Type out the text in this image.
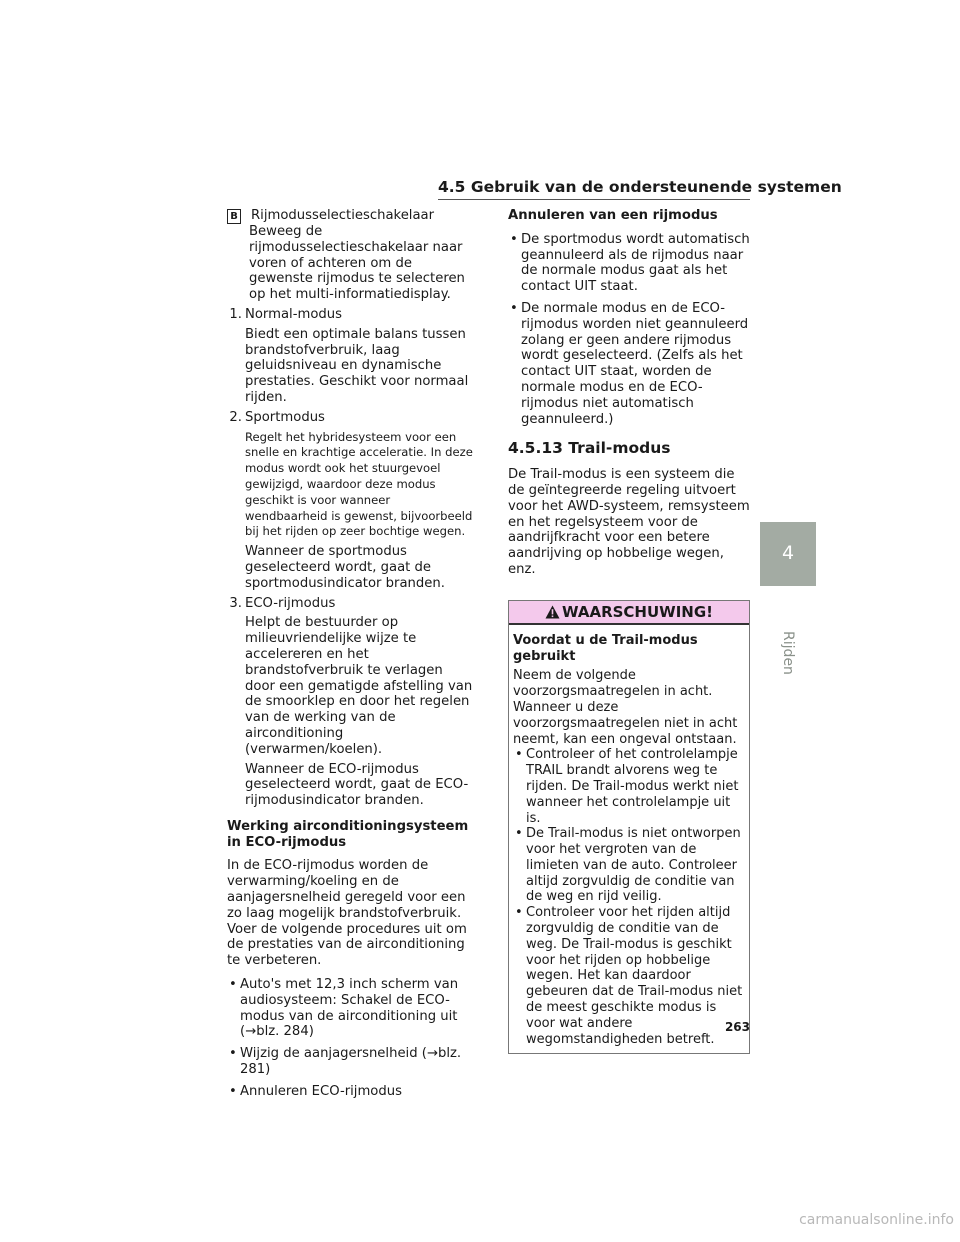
4.5 Gebruik van de ondersteunende systemen
4
Rijden
B Rijmodusselectieschakelaar

Beweeg de rijmodusselectieschakelaar naar voren of achteren om de gewenste rijmodus te selecteren op het multi-informatiedisplay.

1. Normal-modus

Biedt een optimale balans tussen brandstofverbruik, laag geluidsniveau en dynamische prestaties. Geschikt voor normaal rijden.

2. Sportmodus

Regelt het hybridesysteem voor een snelle en krachtige acceleratie. In deze modus wordt ook het stuurgevoel gewijzigd, waardoor deze modus geschikt is voor wanneer wendbaarheid is gewenst, bijvoorbeeld bij het rijden op zeer bochtige wegen.

Wanneer de sportmodus geselecteerd wordt, gaat de sportmodusindicator branden.

3. ECO-rijmodus

Helpt de bestuurder op milieuvriendelijke wijze te accelereren en het brandstofverbruik te verlagen door een gematigde afstelling van de smoorklep en door het regelen van de werking van de airconditioning (verwarmen/koelen).

Wanneer de ECO-rijmodus geselecteerd wordt, gaat de ECO-rijmodusindicator branden.

Werking airconditioningsysteem in ECO-rijmodus

In de ECO-rijmodus worden de verwarming/koeling en de aanjagersnelheid geregeld voor een zo laag mogelijk brandstofverbruik. Voer de volgende procedures uit om de prestaties van de airconditioning te verbeteren.

• Auto's met 12,3 inch scherm van audiosysteem: Schakel de ECO-modus van de airconditioning uit (→blz. 284)
• Wijzig de aanjagersnelheid (→blz. 281)
• Annuleren ECO-rijmodus

Annuleren van een rijmodus

• De sportmodus wordt automatisch geannuleerd als de rijmodus naar de normale modus gaat als het contact UIT staat.
• De normale modus en de ECO-rijmodus worden niet geannuleerd zolang er geen andere rijmodus wordt geselecteerd. (Zelfs als het contact UIT staat, worden de normale modus en de ECO-rijmodus niet automatisch geannuleerd.)
4.5.13 Trail-modus

De Trail-modus is een systeem die de geïntegreerde regeling uitvoert voor het AWD-systeem, remsysteem en het regelsysteem voor de aandrijfkracht voor een betere aandrijving op hobbelige wegen, enz.

WAARSCHUWING!

Voordat u de Trail-modus gebruikt

Neem de volgende voorzorgsmaatregelen in acht. Wanneer u deze voorzorgsmaatregelen niet in acht neemt, kan een ongeval ontstaan.

• Controleer of het controlelampje TRAIL brandt alvorens weg te rijden. De Trail-modus werkt niet wanneer het controlelampje uit is.
• De Trail-modus is niet ontworpen voor het vergroten van de limieten van de auto. Controleer altijd zorgvuldig de conditie van de weg en rijd veilig.
• Controleer voor het rijden altijd zorgvuldig de conditie van de weg. De Trail-modus is geschikt voor het rijden op hobbelige wegen. Het kan daardoor gebeuren dat de Trail-modus niet de meest geschikte modus is voor wat andere wegomstandigheden betreft.
263
carmanualsonline.info
